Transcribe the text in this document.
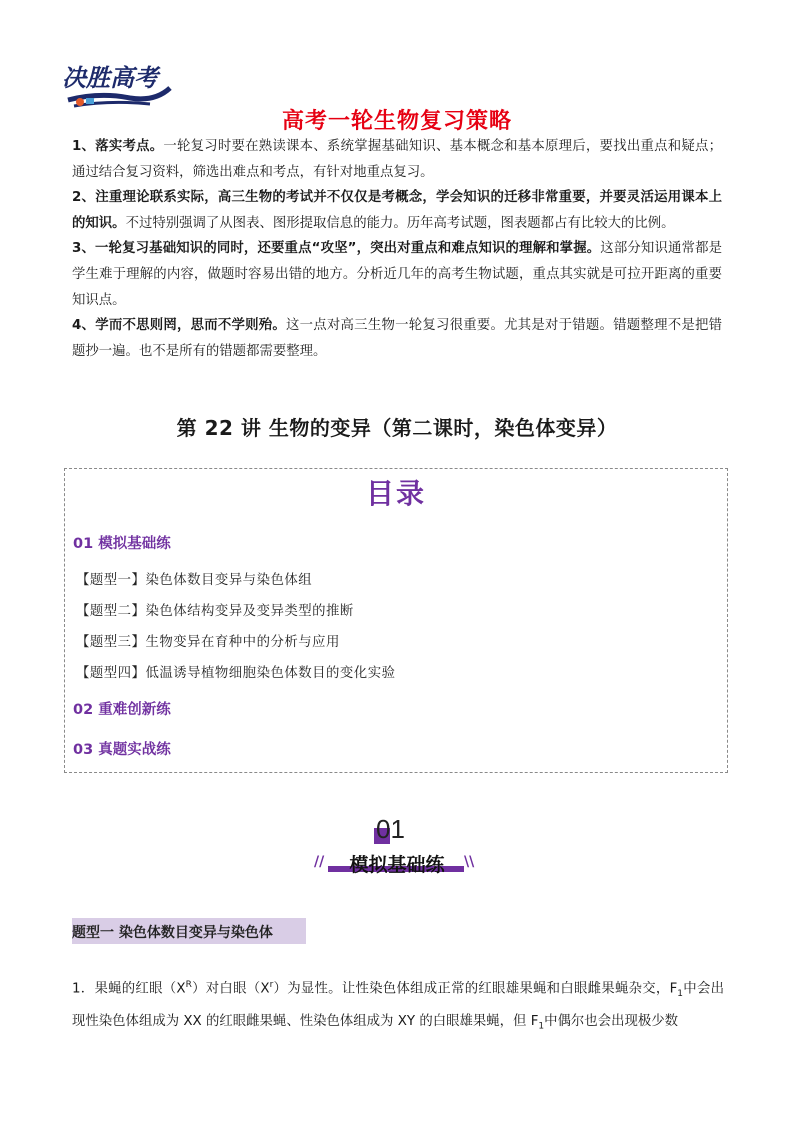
决胜高考
高考一轮生物复习策略

1、落实考点。一轮复习时要在熟读课本、系统掌握基础知识、基本概念和基本原理后，要找出重点和疑点；通过结合复习资料，筛选出难点和考点，有针对地重点复习。

2、注重理论联系实际，高三生物的考试并不仅仅是考概念，学会知识的迁移非常重要，并要灵活运用课本上的知识。不过特别强调了从图表、图形提取信息的能力。历年高考试题，图表题都占有比较大的比例。

3、一轮复习基础知识的同时，还要重点“攻坚”，突出对重点和难点知识的理解和掌握。这部分知识通常都是学生难于理解的内容，做题时容易出错的地方。分析近几年的高考生物试题，重点其实就是可拉开距离的重要知识点。

4、学而不思则罔，思而不学则殆。这一点对高三生物一轮复习很重要。尤其是对于错题。错题整理不是把错题抄一遍。也不是所有的错题都需要整理。

第 22 讲 生物的变异（第二课时，染色体变异）
目录
01 模拟基础练
【题型一】染色体数目变异与染色体组
【题型二】染色体结构变异及变异类型的推断
【题型三】生物变异在育种中的分析与应用
【题型四】低温诱导植物细胞染色体数目的变化实验
02 重难创新练
03 真题实战练
01
//	模拟基础练	\\
题型一 染色体数目变异与染色体

1．果蝇的红眼$(X^R)$对白眼$(X^r)$为显性。让性染色体组成正常的红眼雄果蝇和白眼雌果蝇杂交，$F_1$中会出现性染色体组成为 XX 的红眼雌果蝇、性染色体组成为 XY 的白眼雄果蝇，但 $F_1$中偶尔也会出现极少数
